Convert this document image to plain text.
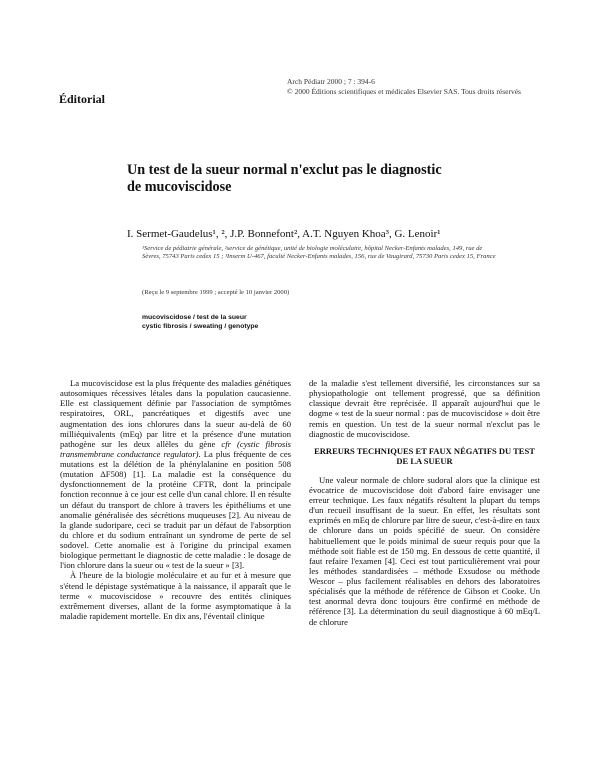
Éditorial
Arch Pédiatr 2000 ; 7 : 394-6
© 2000 Éditions scientifiques et médicales Elsevier SAS. Tous droits réservés
Un test de la sueur normal n'exclut pas le diagnostic
de mucoviscidose
I. Sermet-Gaudelus¹, ², J.P. Bonnefont², A.T. Nguyen Khoa³, G. Lenoir¹
¹Service de pédiatrie générale, ²service de génétique, unité de biologie moléculaire, hôpital Necker-Enfants malades, 149, rue de Sèvres, 75743 Paris cedex 15 ; ³Inserm U-467, faculté Necker-Enfants malades, 156, rue de Vaugirard, 75730 Paris cedex 15, France
(Reçu le 9 septembre 1999 ; accepté le 10 janvier 2000)
mucoviscidose / test de la sueur
cystic fibrosis / sweating / genotype

La mucoviscidose est la plus fréquente des maladies génétiques autosomiques récessives létales dans la population caucasienne. Elle est classiquement définie par l'association de symptômes respiratoires, ORL, pancréatiques et digestifs avec une augmentation des ions chlorures dans la sueur au-delà de 60 milliéquivalents (mEq) par litre et la présence d'une mutation pathogène sur les deux allèles du gène cfr (cystic fibrosis transmembrane conductance regulator). La plus fréquente de ces mutations est la délétion de la phénylalanine en position 508 (mutation ΔF508) [1]. La maladie est la conséquence du dysfonctionnement de la protéine CFTR, dont la principale fonction reconnue à ce jour est celle d'un canal chlore. Il en résulte un défaut du transport de chlore à travers les épithéliums et une anomalie généralisée des sécrétions muqueuses [2]. Au niveau de la glande sudoripare, ceci se traduit par un défaut de l'absorption du chlore et du sodium entraînant un syndrome de perte de sel sodovel. Cette anomalie est à l'origine du principal examen biologique permettant le diagnostic de cette maladie : le dosage de l'ion chlorure dans la sueur ou « test de la sueur » [3].

À l'heure de la biologie moléculaire et au fur et à mesure que s'étend le dépistage systématique à la naissance, il apparaît que le terme « mucoviscidose » recouvre des entités cliniques extrêmement diverses, allant de la forme asymptomatique à la maladie rapidement mortelle. En dix ans, l'éventail clinique

de la maladie s'est tellement diversifié, les circonstances sur sa physiopathologie ont tellement progressé, que sa définition classique devrait être reprécisée. Il apparaît aujourd'hui que le dogme « test de la sueur normal : pas de mucoviscidose » doit être remis en question. Un test de la sueur normal n'exclut pas le diagnostic de mucoviscidose.

ERREURS TECHNIQUES ET FAUX NÉGATIFS DU TEST DE LA SUEUR

Une valeur normale de chlore sudoral alors que la clinique est évocatrice de mucoviscidose doit d'abord faire envisager une erreur technique. Les faux négatifs résultent la plupart du temps d'un recueil insuffisant de la sueur. En effet, les résultats sont exprimés en mEq de chlorure par litre de sueur, c'est-à-dire en taux de chlorure dans un poids spécifié de sueur. On considère habituellement que le poids minimal de sueur requis pour que la méthode soit fiable est de 150 mg. En dessous de cette quantité, il faut refaire l'examen [4]. Ceci est tout particulièrement vrai pour les méthodes standardisées – méthode Exsudose ou méthode Wescor – plus facilement réalisables en dehors des laboratoires spécialisés que la méthode de référence de Gibson et Cooke. Un test anormal devra donc toujours être confirmé en méthode de référence [3]. La détermination du seuil diagnostique à 60 mEq/L de chlorure
